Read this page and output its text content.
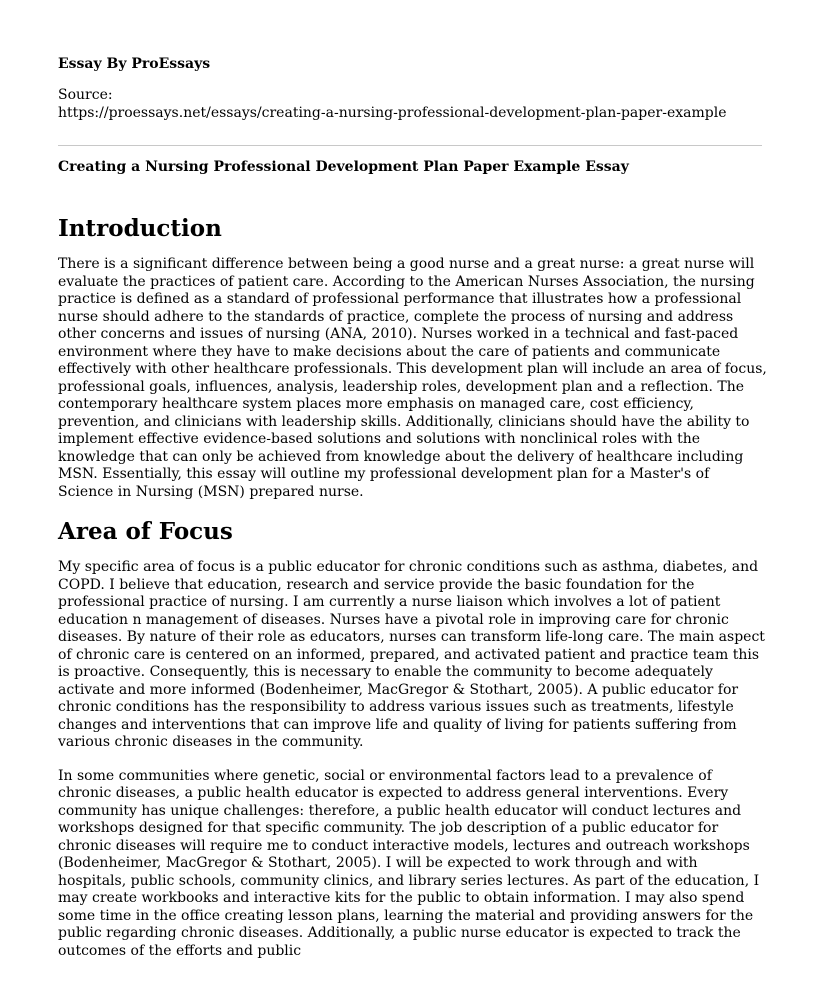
Essay By ProEssays
Source:
https://proessays.net/essays/creating-a-nursing-professional-development-plan-paper-example
Creating a Nursing Professional Development Plan Paper Example Essay
Introduction

There is a significant difference between being a good nurse and a great nurse: a great nurse will evaluate the practices of patient care. According to the American Nurses Association, the nursing practice is defined as a standard of professional performance that illustrates how a professional nurse should adhere to the standards of practice, complete the process of nursing and address other concerns and issues of nursing (ANA, 2010). Nurses worked in a technical and fast-paced environment where they have to make decisions about the care of patients and communicate effectively with other healthcare professionals. This development plan will include an area of focus, professional goals, influences, analysis, leadership roles, development plan and a reflection. The contemporary healthcare system places more emphasis on managed care, cost efficiency, prevention, and clinicians with leadership skills. Additionally, clinicians should have the ability to implement effective evidence-based solutions and solutions with nonclinical roles with the knowledge that can only be achieved from knowledge about the delivery of healthcare including MSN. Essentially, this essay will outline my professional development plan for a Master's of Science in Nursing (MSN) prepared nurse.

Area of Focus

My specific area of focus is a public educator for chronic conditions such as asthma, diabetes, and COPD. I believe that education, research and service provide the basic foundation for the professional practice of nursing. I am currently a nurse liaison which involves a lot of patient education n management of diseases. Nurses have a pivotal role in improving care for chronic diseases. By nature of their role as educators, nurses can transform life-long care. The main aspect of chronic care is centered on an informed, prepared, and activated patient and practice team this is proactive. Consequently, this is necessary to enable the community to become adequately activate and more informed (Bodenheimer, MacGregor & Stothart, 2005). A public educator for chronic conditions has the responsibility to address various issues such as treatments, lifestyle changes and interventions that can improve life and quality of living for patients suffering from various chronic diseases in the community.

In some communities where genetic, social or environmental factors lead to a prevalence of chronic diseases, a public health educator is expected to address general interventions. Every community has unique challenges: therefore, a public health educator will conduct lectures and workshops designed for that specific community. The job description of a public educator for chronic diseases will require me to conduct interactive models, lectures and outreach workshops (Bodenheimer, MacGregor & Stothart, 2005). I will be expected to work through and with hospitals, public schools, community clinics, and library series lectures. As part of the education, I may create workbooks and interactive kits for the public to obtain information. I may also spend some time in the office creating lesson plans, learning the material and providing answers for the public regarding chronic diseases. Additionally, a public nurse educator is expected to track the outcomes of the efforts and public
